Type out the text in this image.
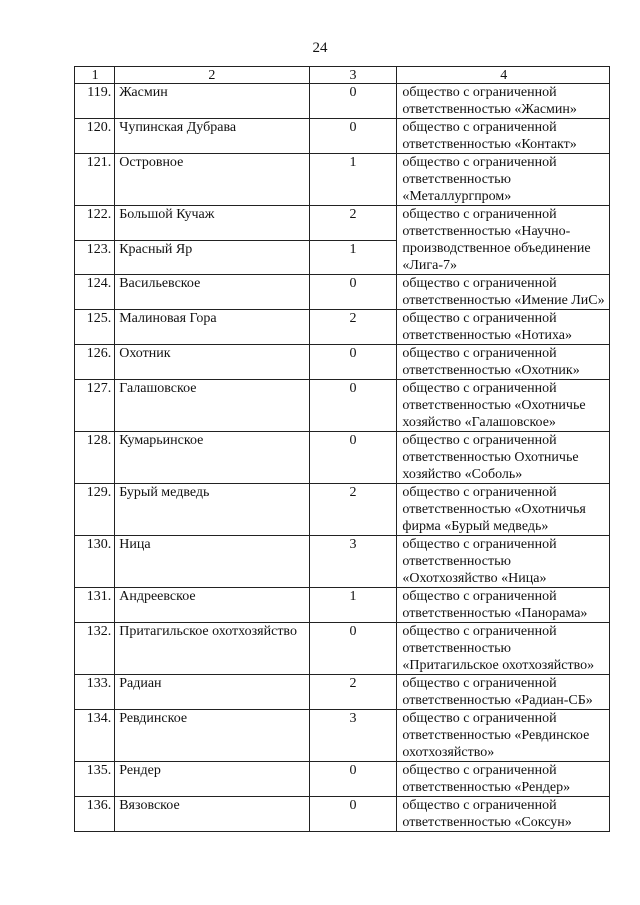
24
1	2	3	4
119.	Жасмин	0	общество с ограниченной ответственностью «Жасмин»
120.	Чупинская Дубрава	0	общество с ограниченной ответственностью «Контакт»
121.	Островное	1	общество с ограниченной ответственностью «Металлургпром»
122.	Большой Кучаж	2	общество с ограниченной ответственностью «Научно-производственное объединение «Лига-7»
123.	Красный Яр	1	
124.	Васильевское	0	общество с ограниченной ответственностью «Имение ЛиС»
125.	Малиновая Гора	2	общество с ограниченной ответственностью «Нотиха»
126.	Охотник	0	общество с ограниченной ответственностью «Охотник»
127.	Галашовское	0	общество с ограниченной ответственностью «Охотничье хозяйство «Галашовское»
128.	Кумарьинское	0	общество с ограниченной ответственностью Охотничье хозяйство «Соболь»
129.	Бурый медведь	2	общество с ограниченной ответственностью «Охотничья фирма «Бурый медведь»
130.	Ница	3	общество с ограниченной ответственностью «Охотхозяйство «Ница»
131.	Андреевское	1	общество с ограниченной ответственностью «Панорама»
132.	Притагильское охотхозяйство	0	общество с ограниченной ответственностью «Притагильское охотхозяйство»
133.	Радиан	2	общество с ограниченной ответственностью «Радиан-СБ»
134.	Ревдинское	3	общество с ограниченной ответственностью «Ревдинское охотхозяйство»
135.	Рендер	0	общество с ограниченной ответственностью «Рендер»
136.	Вязовское	0	общество с ограниченной ответственностью «Соксун»
